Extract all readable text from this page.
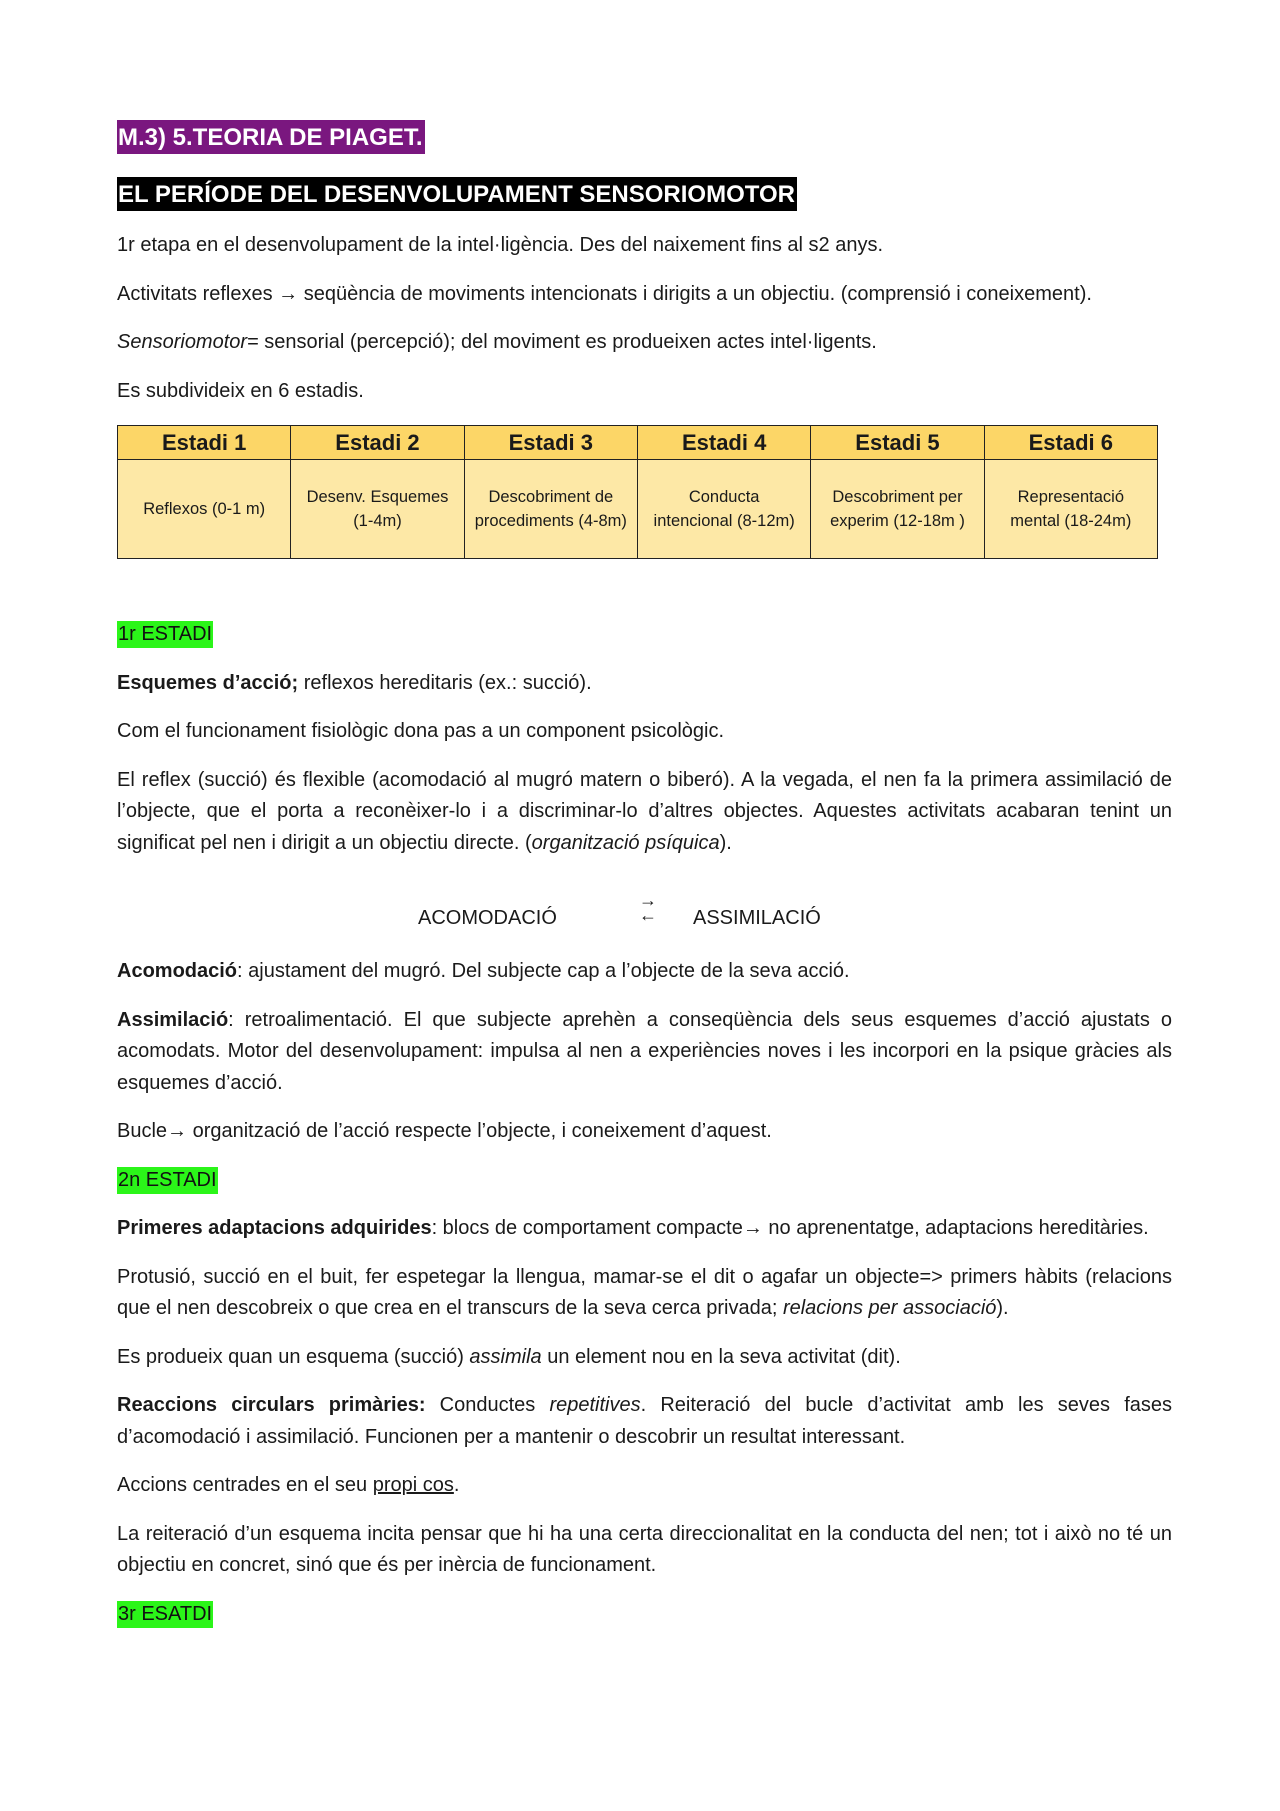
M.3) 5.TEORIA DE PIAGET.
EL PERÍODE DEL DESENVOLUPAMENT SENSORIOMOTOR

1r etapa en el desenvolupament de la intel·ligència. Des del naixement fins al s2 anys.

Activitats reflexes → seqüència de moviments intencionats i dirigits a un objectiu. (comprensió i coneixement).

Sensoriomotor= sensorial (percepció); del moviment es produeixen actes intel·ligents.

Es subdivideix en 6 estadis.

Estadi 1	Estadi 2	Estadi 3	Estadi 4	Estadi 5	Estadi 6
Reflexos (0-1 m)	Desenv. Esquemes (1-4m)	Descobriment de procediments (4-8m)	Conducta intencional (8-12m)	Descobriment per experim (12-18m )	Representació mental (18-24m)

1r ESTADI

Esquemes d’acció; reflexos hereditaris (ex.: succió).

Com el funcionament fisiològic dona pas a un component psicològic.

El reflex (succió) és flexible (acomodació al mugró matern o biberó). A la vegada, el nen fa la primera assimilació de l’objecte, que el porta a reconèixer-lo i a discriminar-lo d’altres objectes. Aquestes activitats acabaran tenint un significat pel nen i dirigit a un objectiu directe. (organització psíquica).

ACOMODACIÓ
→
← ASSIMILACIÓ

Acomodació: ajustament del mugró. Del subjecte cap a l’objecte de la seva acció.

Assimilació: retroalimentació. El que subjecte aprehèn a conseqüència dels seus esquemes d’acció ajustats o acomodats. Motor del desenvolupament: impulsa al nen a experiències noves i les incorpori en la psique gràcies als esquemes d’acció.

Bucle→ organització de l’acció respecte l’objecte, i coneixement d’aquest.

2n ESTADI

Primeres adaptacions adquirides: blocs de comportament compacte→ no aprenentatge, adaptacions hereditàries.

Protusió, succió en el buit, fer espetegar la llengua, mamar-se el dit o agafar un objecte=> primers hàbits (relacions que el nen descobreix o que crea en el transcurs de la seva cerca privada; relacions per associació).

Es produeix quan un esquema (succió) assimila un element nou en la seva activitat (dit).

Reaccions circulars primàries: Conductes repetitives. Reiteració del bucle d’activitat amb les seves fases d’acomodació i assimilació. Funcionen per a mantenir o descobrir un resultat interessant.

Accions centrades en el seu propi cos.

La reiteració d’un esquema incita pensar que hi ha una certa direccionalitat en la conducta del nen; tot i això no té un objectiu en concret, sinó que és per inèrcia de funcionament.

3r ESATDI
